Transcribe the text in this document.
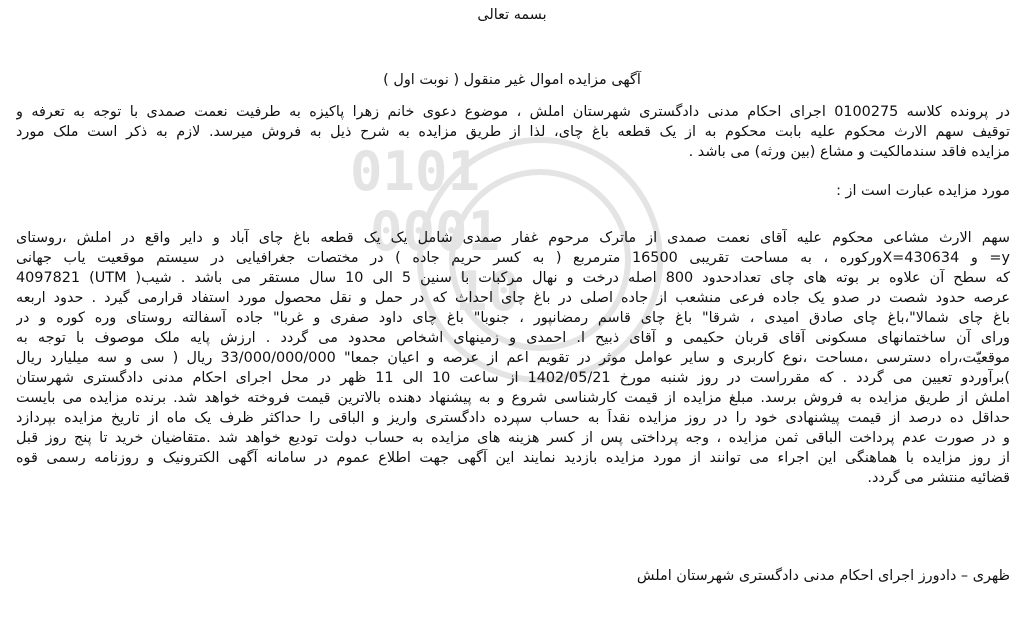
0101
0001
10
بسمه تعالی
آگهی مزایده اموال غیر منقول ( نوبت اول )
در پرونده کلاسه 0100275 اجرای احکام مدنی دادگستری شهرستان املش ، موضوع دعوی خانم زهرا پاکیزه به طرفیت نعمت صمدی با توجه به تعرفه و
توقیف سهم الارث محکوم علیه بابت محکوم به از یک قطعه باغ چای، لذا از طریق مزایده به شرح ذیل به فروش میرسد. لازم به ذکر است ملک مورد
مزایده فاقد سندمالکیت و مشاع (بین ورثه) می باشد .
مورد مزایده عبارت است از :
سهم الارث مشاعی محکوم علیه آقای نعمت صمدی از ماترک مرحوم غفار صمدی شامل یک یک قطعه باغ چای آباد و دایر واقع در املش ،روستای
y= و X=430634ورکوره ، به مساحت تقریبی 16500 مترمربع ( به کسر حریم جاده ) در مختصات جغرافیایی در سیستم موقعیت یاب جهانی
که سطح آن علاوه بر بوته های چای تعدادحدود 800 اصله درخت و نهال مرکبات با سنین 5 الی 10 سال مستقر می باشد . شیب( UTM) 4097821
عرصه حدود شصت در صدو یک جاده فرعی منشعب از جاده اصلی در باغ چای احداث که در حمل و نقل محصول مورد استفاد قرارمی گیرد . حدود اربعه
باغ چای شمالا"،باغ چای صادق امیدی ، شرقا" باغ چای قاسم رمضانپور ، جنوبا" باغ چای داود صفری و غربا" جاده آسفالته روستای وره کوره و در
ورای آن ساختمانهای مسکونی آقای قربان حکیمی و آقای ذبیح ا. احمدی و زمینهای اشخاص محدود می گردد . ارزش پایه ملک موصوف با توجه به
موقعیّت،راه دسترسی ،مساحت ،نوع کاربری و سایر عوامل موثر در تقویم اعم از عرصه و اعیان جمعا" 33/000/000/000 ریال ( سی و سه میلیارد ریال
)برآوردو تعیین می گردد . که مقرراست در روز شنبه مورخ 1402/05/21 از ساعت 10 الی 11 ظهر در محل اجرای احکام مدنی دادگستری شهرستان
املش از طریق مزایده به فروش برسد. مبلغ مزایده از قیمت کارشناسی شروع و به پیشنهاد دهنده بالاترین قیمت فروخته خواهد شد. برنده مزایده می بایست
حداقل ده درصد از قیمت پیشنهادی خود را در روز مزایده نقداً به حساب سپرده دادگستری واریز و الباقی را حداکثر ظرف یک ماه از تاریخ مزایده بپردازد
و در صورت عدم پرداخت الباقی ثمن مزایده ، وجه پرداختی پس از کسر هزینه های مزایده به حساب دولت تودیع خواهد شد .متقاضیان خرید تا پنج روز قبل
از روز مزایده با هماهنگی این اجراء می توانند از مورد مزایده بازدید نمایند این آگهی جهت اطلاع عموم در سامانه آگهی الکترونیک و روزنامه رسمی قوه
قضائیه منتشر می گردد.
ظهری – دادورز اجرای احکام مدنی دادگستری شهرستان املش
